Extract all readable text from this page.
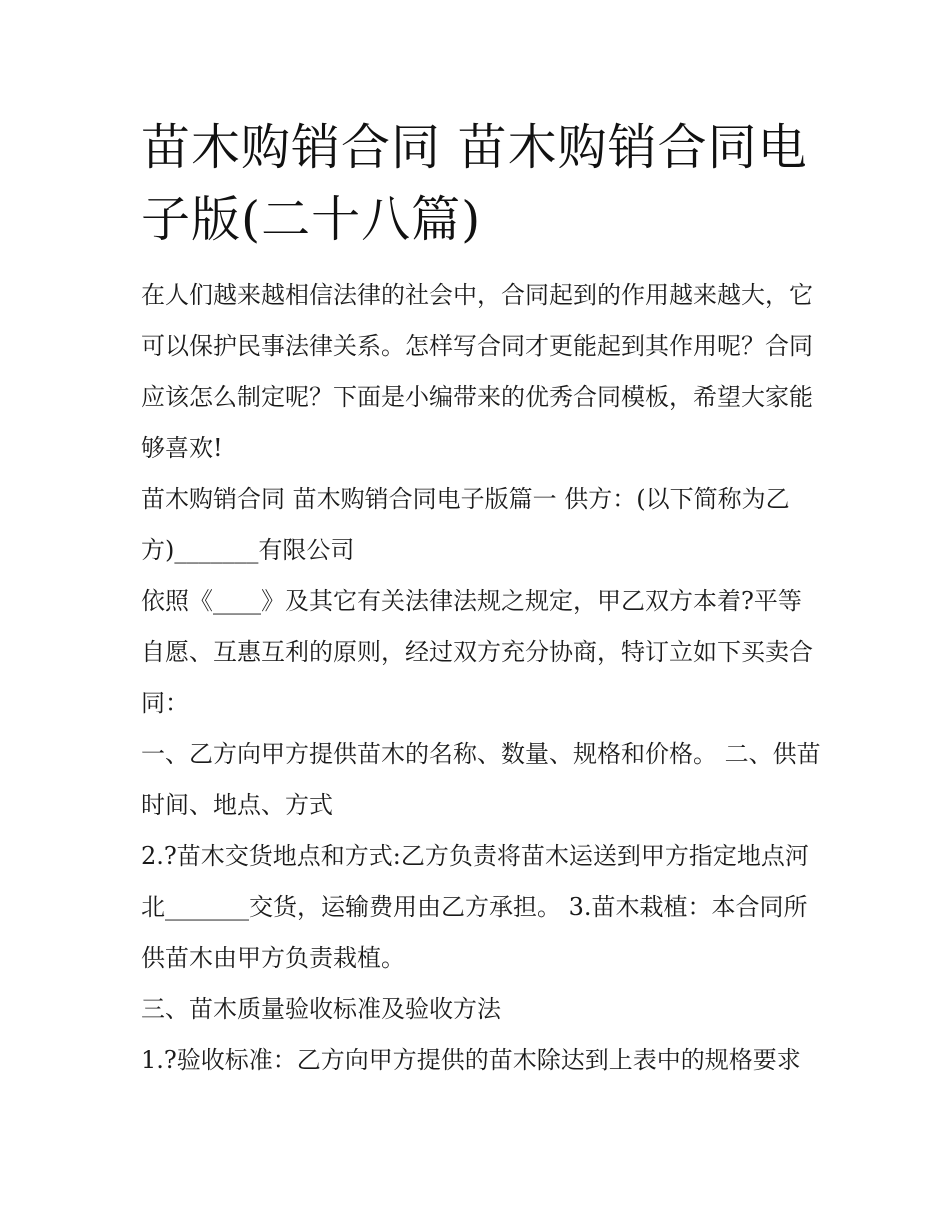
苗木购销合同 苗木购销合同电子版(二十八篇)

在人们越来越相信法律的社会中，合同起到的作用越来越大，它可以保护民事法律关系。怎样写合同才更能起到其作用呢？合同应该怎么制定呢？下面是小编带来的优秀合同模板，希望大家能够喜欢!

苗木购销合同 苗木购销合同电子版篇一 供方：(以下简称为乙方)_______有限公司

依照《____》及其它有关法律法规之规定，甲乙双方本着?平等自愿、互惠互利的原则，经过双方充分协商，特订立如下买卖合同：

一、乙方向甲方提供苗木的名称、数量、规格和价格。 二、供苗时间、地点、方式

2.?苗木交货地点和方式:乙方负责将苗木运送到甲方指定地点河北_______交货，运输费用由乙方承担。 3.苗木栽植：本合同所供苗木由甲方负责栽植。

三、苗木质量验收标准及验收方法

1.?验收标准：乙方向甲方提供的苗木除达到上表中的规格要求
